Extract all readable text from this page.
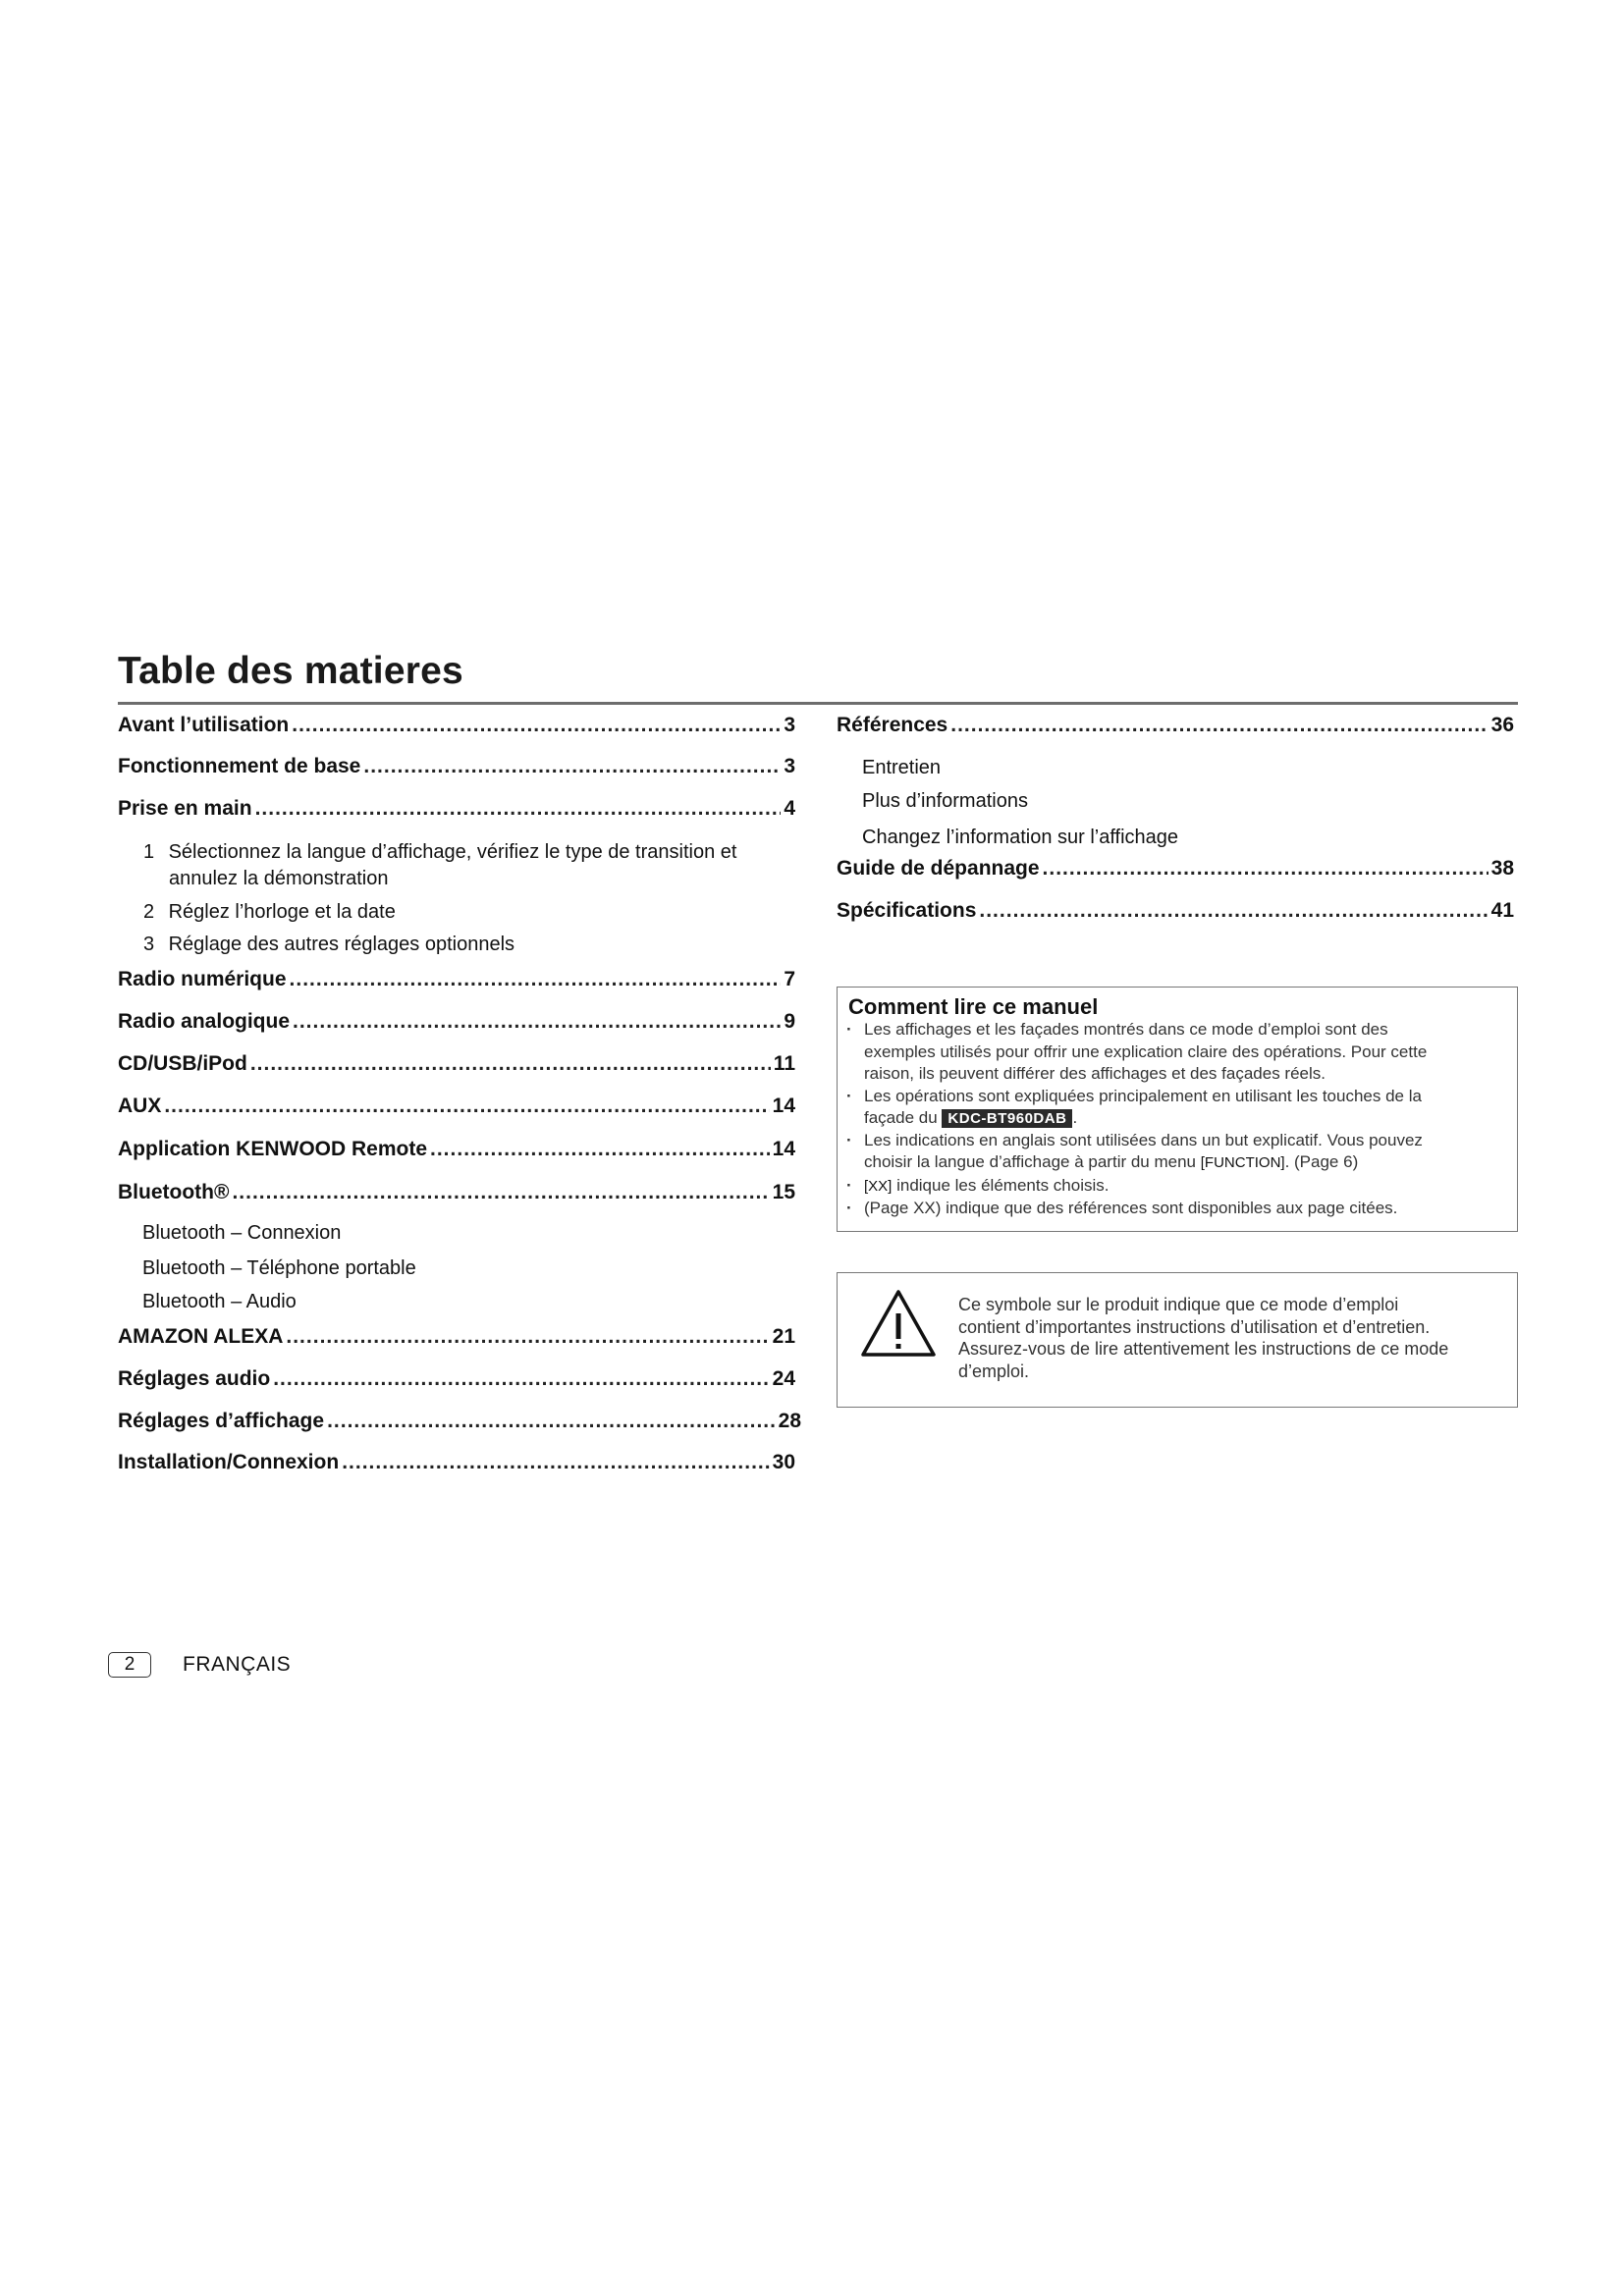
Table des matieres
Avant l’utilisation .....	3
Fonctionnement de base .....	3
Prise en main .....	4
1 Sélectionnez la langue d’affichage, vérifiez le type de transition et
annulez la démonstration
2 Réglez l’horloge et la date
3 Réglage des autres réglages optionnels
Radio numérique .....	7
Radio analogique .....	9
CD/USB/iPod .....	11
AUX .....	14
Application KENWOOD Remote .....	14
Bluetooth® .....	15
Bluetooth – Connexion
Bluetooth – Téléphone portable
Bluetooth – Audio
AMAZON ALEXA .....	21
Réglages audio .....	24
Réglages d’affichage .....	28
Installation/Connexion .....	30
Références .....	36
Entretien
Plus d’informations
Changez l’information sur l’affichage
Guide de dépannage .....	38
Spécifications .....	41
Comment lire ce manuel
· Les affichages et les façades montrés dans ce mode d’emploi sont des
exemples utilisés pour offrir une explication claire des opérations. Pour cette
raison, ils peuvent différer des affichages et des façades réels.
· Les opérations sont expliquées principalement en utilisant les touches de la
façade du KDC-BT960DAB .
· Les indications en anglais sont utilisées dans un but explicatif. Vous pouvez
choisir la langue d’affichage à partir du menu [FUNCTION]. (Page 6)
· [XX] indique les éléments choisis.
· (Page XX) indique que des références sont disponibles aux page citées.
Ce symbole sur le produit indique que ce mode d’emploi
contient d’importantes instructions d’utilisation et d’entretien.
Assurez-vous de lire attentivement les instructions de ce mode
d’emploi.
2	FRANÇAIS
